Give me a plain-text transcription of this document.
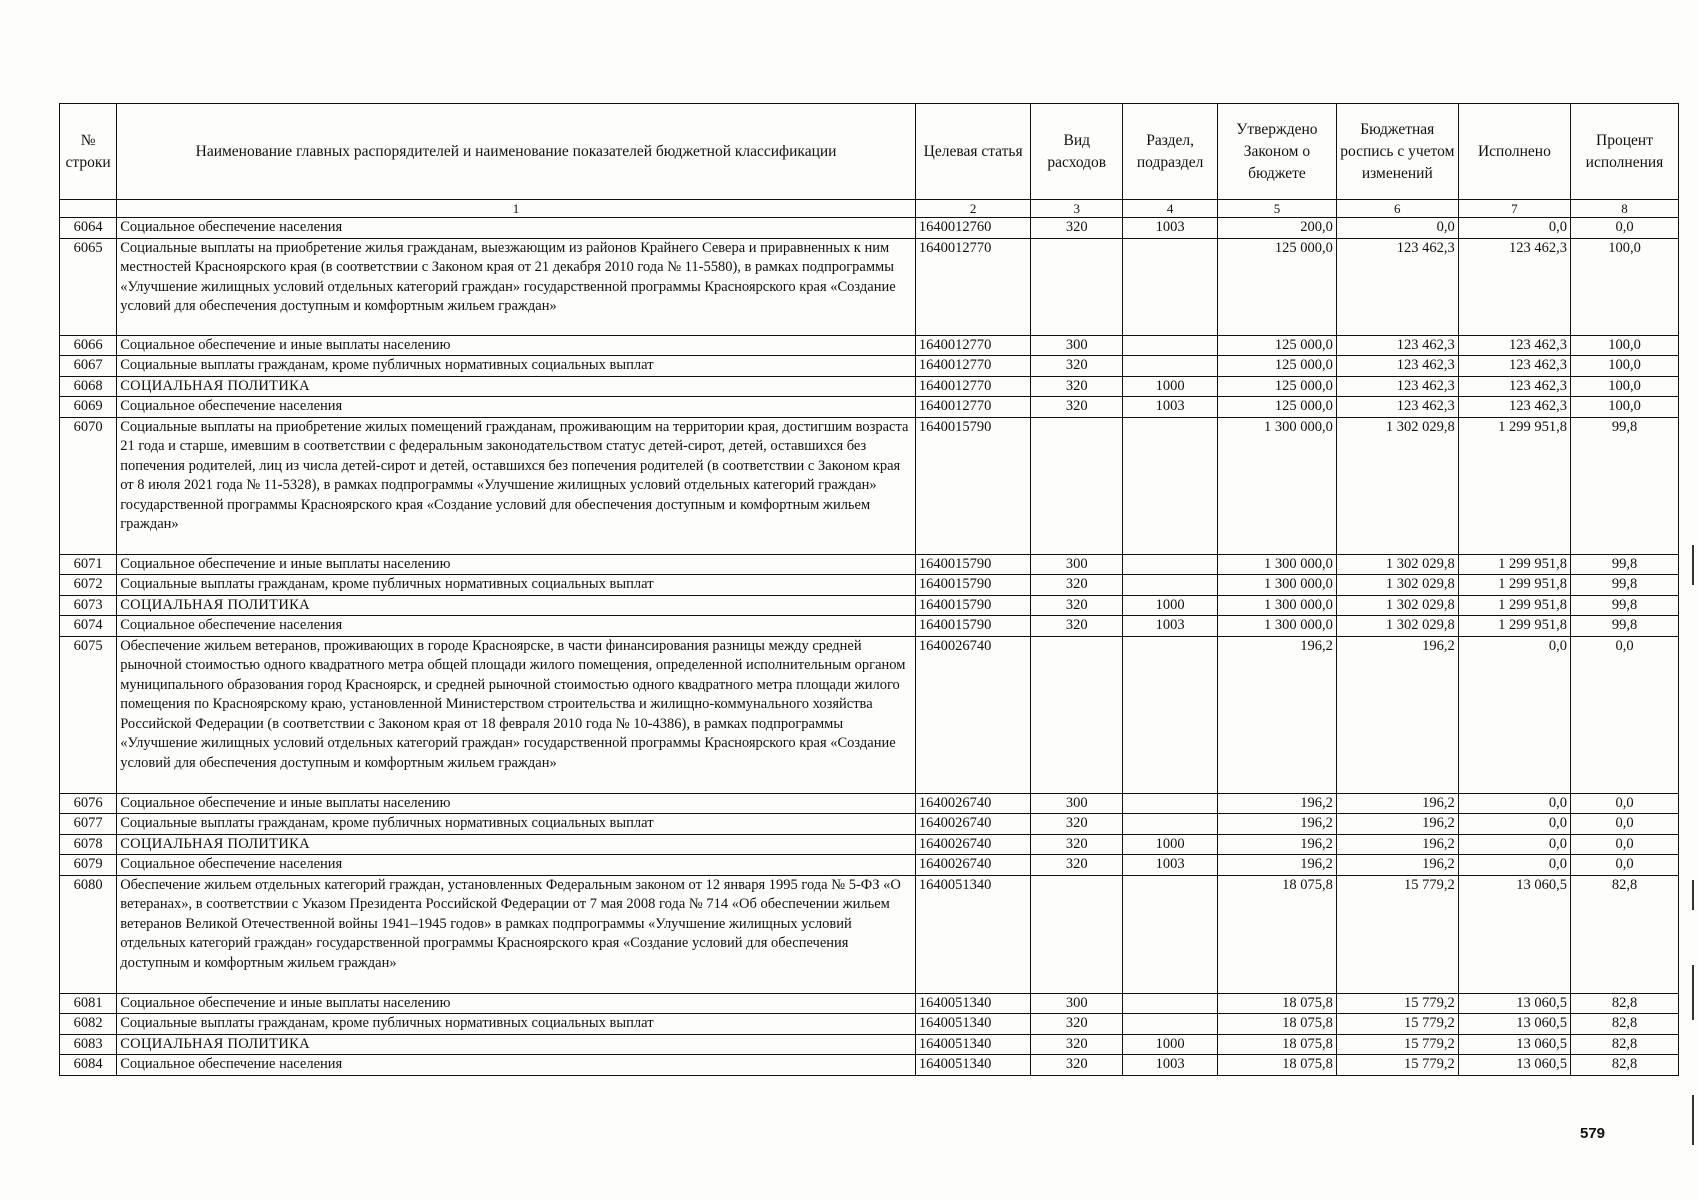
№ строки	Наименование главных распорядителей и наименование показателей бюджетной классификации	Целевая статья	Вид расходов	Раздел, подраздел	Утверждено Законом о бюджете	Бюджетная роспись с учетом изменений	Исполнено	Процент исполнения
	1	2	3	4	5	6	7	8
6064	Социальное обеспечение населения	1640012760	320	1003	200,0	0,0	0,0	0,0
6065	Социальные выплаты на приобретение жилья гражданам, выезжающим из районов Крайнего Севера и приравненных к ним местностей Красноярского края (в соответствии с Законом края от 21 декабря 2010 года № 11-5580), в рамках подпрограммы «Улучшение жилищных условий отдельных категорий граждан» государственной программы Красноярского края «Создание условий для обеспечения доступным и комфортным жильем граждан»	1640012770			125 000,0	123 462,3	123 462,3	100,0
6066	Социальное обеспечение и иные выплаты населению	1640012770	300		125 000,0	123 462,3	123 462,3	100,0
6067	Социальные выплаты гражданам, кроме публичных нормативных социальных выплат	1640012770	320		125 000,0	123 462,3	123 462,3	100,0
6068	СОЦИАЛЬНАЯ ПОЛИТИКА	1640012770	320	1000	125 000,0	123 462,3	123 462,3	100,0
6069	Социальное обеспечение населения	1640012770	320	1003	125 000,0	123 462,3	123 462,3	100,0
6070	Социальные выплаты на приобретение жилых помещений гражданам, проживающим на территории края, достигшим возраста 21 года и старше, имевшим в соответствии с федеральным законодательством статус детей-сирот, детей, оставшихся без попечения родителей, лиц из числа детей-сирот и детей, оставшихся без попечения родителей (в соответствии с Законом края от 8 июля 2021 года № 11-5328), в рамках подпрограммы «Улучшение жилищных условий отдельных категорий граждан» государственной программы Красноярского края «Создание условий для обеспечения доступным и комфортным жильем граждан»	1640015790			1 300 000,0	1 302 029,8	1 299 951,8	99,8
6071	Социальное обеспечение и иные выплаты населению	1640015790	300		1 300 000,0	1 302 029,8	1 299 951,8	99,8
6072	Социальные выплаты гражданам, кроме публичных нормативных социальных выплат	1640015790	320		1 300 000,0	1 302 029,8	1 299 951,8	99,8
6073	СОЦИАЛЬНАЯ ПОЛИТИКА	1640015790	320	1000	1 300 000,0	1 302 029,8	1 299 951,8	99,8
6074	Социальное обеспечение населения	1640015790	320	1003	1 300 000,0	1 302 029,8	1 299 951,8	99,8
6075	Обеспечение жильем ветеранов, проживающих в городе Красноярске, в части финансирования разницы между средней рыночной стоимостью одного квадратного метра общей площади жилого помещения, определенной исполнительным органом муниципального образования город Красноярск, и средней рыночной стоимостью одного квадратного метра площади жилого помещения по Красноярскому краю, установленной Министерством строительства и жилищно-коммунального хозяйства Российской Федерации (в соответствии с Законом края от 18 февраля 2010 года № 10-4386), в рамках подпрограммы «Улучшение жилищных условий отдельных категорий граждан» государственной программы Красноярского края «Создание условий для обеспечения доступным и комфортным жильем граждан»	1640026740			196,2	196,2	0,0	0,0
6076	Социальное обеспечение и иные выплаты населению	1640026740	300		196,2	196,2	0,0	0,0
6077	Социальные выплаты гражданам, кроме публичных нормативных социальных выплат	1640026740	320		196,2	196,2	0,0	0,0
6078	СОЦИАЛЬНАЯ ПОЛИТИКА	1640026740	320	1000	196,2	196,2	0,0	0,0
6079	Социальное обеспечение населения	1640026740	320	1003	196,2	196,2	0,0	0,0
6080	Обеспечение жильем отдельных категорий граждан, установленных Федеральным законом от 12 января 1995 года № 5-ФЗ «О ветеранах», в соответствии с Указом Президента Российской Федерации от 7 мая 2008 года № 714 «Об обеспечении жильем ветеранов Великой Отечественной войны 1941–1945 годов» в рамках подпрограммы «Улучшение жилищных условий отдельных категорий граждан» государственной программы Красноярского края «Создание условий для обеспечения доступным и комфортным жильем граждан»	1640051340			18 075,8	15 779,2	13 060,5	82,8
6081	Социальное обеспечение и иные выплаты населению	1640051340	300		18 075,8	15 779,2	13 060,5	82,8
6082	Социальные выплаты гражданам, кроме публичных нормативных социальных выплат	1640051340	320		18 075,8	15 779,2	13 060,5	82,8
6083	СОЦИАЛЬНАЯ ПОЛИТИКА	1640051340	320	1000	18 075,8	15 779,2	13 060,5	82,8
6084	Социальное обеспечение населения	1640051340	320	1003	18 075,8	15 779,2	13 060,5	82,8
579
